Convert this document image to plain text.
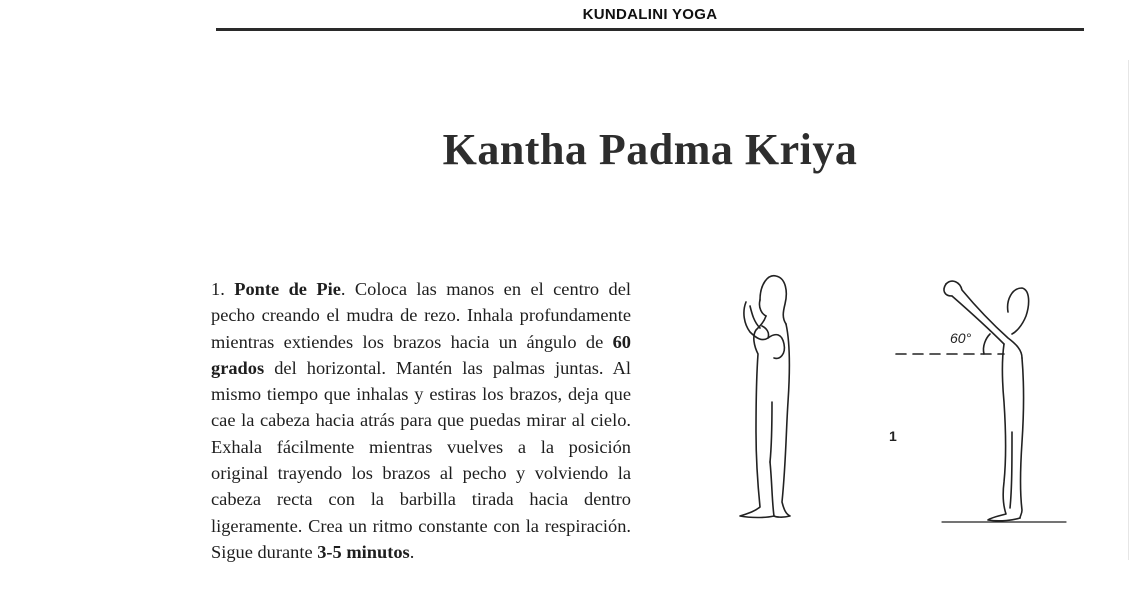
KUNDALINI YOGA
Kantha Padma Kriya
1. Ponte de Pie. Coloca las manos en el centro del pecho creando el mudra de rezo. Inhala profundamente mientras extiendes los brazos hacia un ángulo de 60 grados del horizontal. Mantén las palmas juntas. Al mismo tiempo que inhalas y estiras los brazos, deja que cae la cabeza hacia atrás para que puedas mirar al cielo. Exhala fácilmente mientras vuelves a la posición original trayendo los brazos al pecho y volviendo la cabeza recta con la barbilla tirada hacia dentro ligeramente. Crea un ritmo constante con la respiración. Sigue durante 3-5 minutos.
60°
1
